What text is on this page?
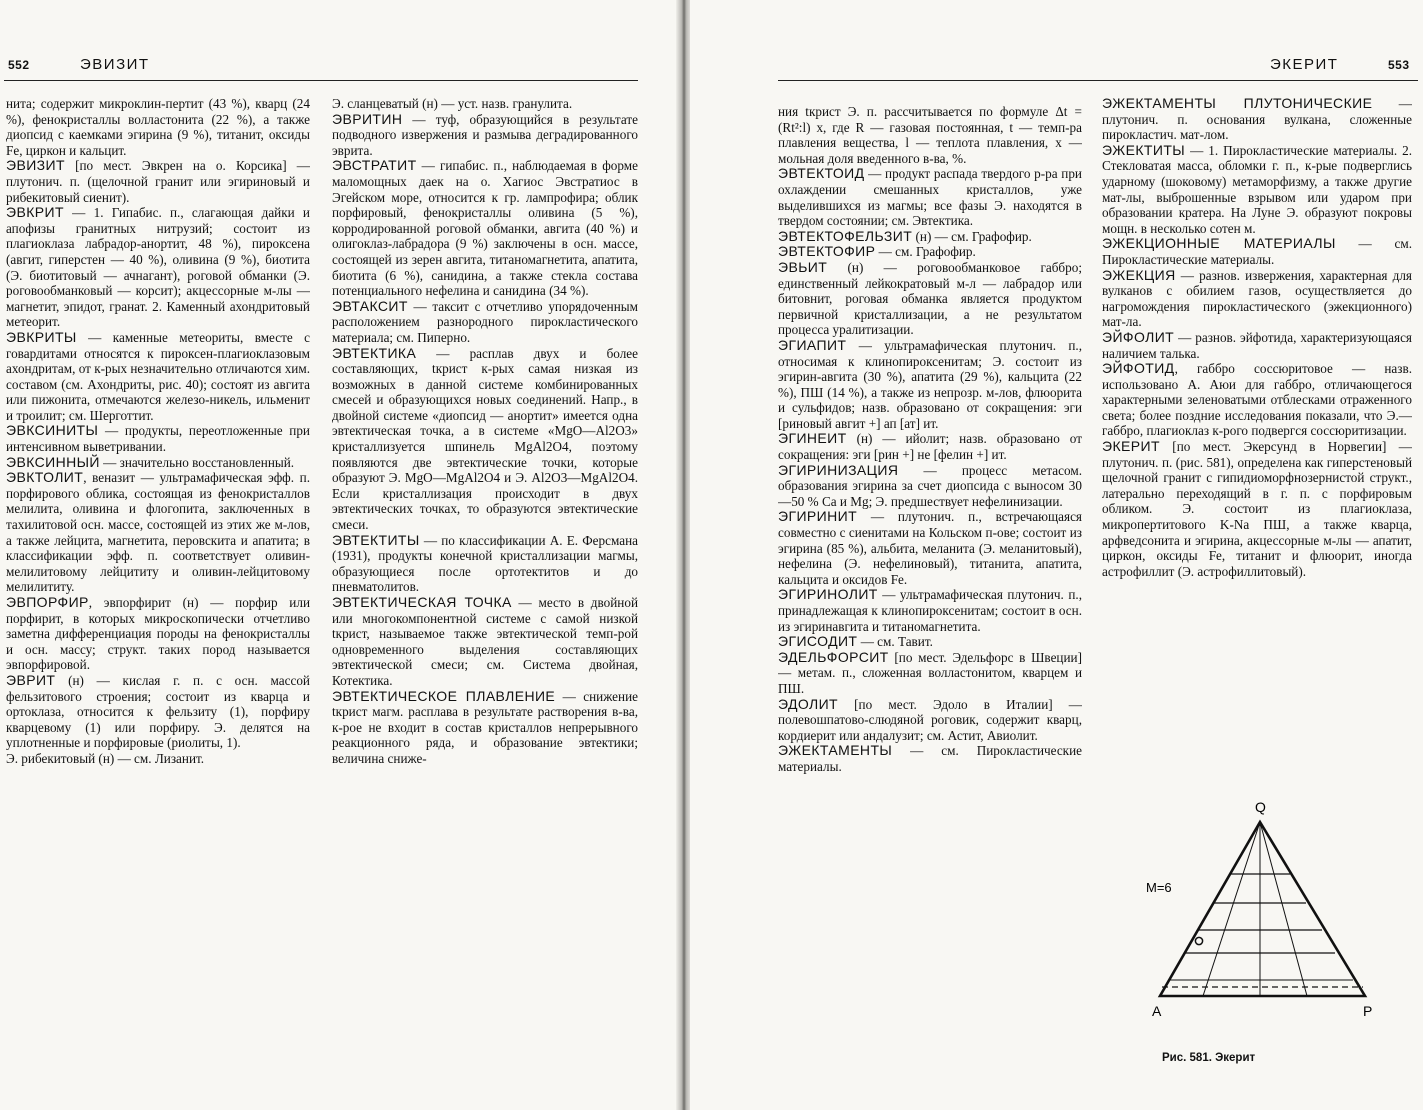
552	ЭВИЗИТ

нита; содержит микроклин-пертит (43 %), кварц (24 %), фенокристаллы волластонита (22 %), а также диопсид с каемками эгирина (9 %), титанит, оксиды Fe, циркон и кальцит.

ЭВИЗИТ [по мест. Эвкрен на о. Корсика] — плутонич. п. (щелочной гранит или эгириновый и рибекитовый сиенит).

ЭВКРИТ — 1. Гипабис. п., слагающая дайки и апофизы гранитных нитрузий; состоит из плагиоклаза лабрадор-анортит, 48 %), пироксена (авгит, гиперстен — 40 %), оливина (9 %), биотита (Э. биотитовый — ачнагант), роговой обманки (Э. роговообманковый — корсит); акцессорные м-лы — магнетит, эпидот, гранат. 2. Каменный ахондритовый метеорит.

ЭВКРИТЫ — каменные метеориты, вместе с говардитами относятся к пироксен-плагиоклазовым ахондритам, от к-рых незначительно отличаются хим. составом (см. Ахондриты, рис. 40); состоят из авгита или пижонита, отмечаются железо-никель, ильменит и троилит; см. Шерготтит.

ЭВКСИНИТЫ — продукты, переотложенные при интенсивном выветривании.

ЭВКСИННЫЙ — значительно восстановленный.

ЭВКТОЛИТ, веназит — ультрамафическая эфф. п. порфирового облика, состоящая из фенокристаллов мелилита, оливина и флогопита, заключенных в тахилитовой осн. массе, состоящей из этих же м-лов, а также лейцита, магнетита, перовскита и апатита; в классификации эфф. п. соответствует оливин-мелилитовому лейцититу и оливин-лейцитовому мелилититу.

ЭВПОРФИР, эвпорфирит (н) — порфир или порфирит, в которых микроскопически отчетливо заметна дифференциация породы на фенокристаллы и осн. массу; структ. таких пород называется эвпорфировой.

ЭВРИТ (н) — кислая г. п. с осн. массой фельзитового строения; состоит из кварца и ортоклаза, относится к фельзиту (1), порфиру кварцевому (1) или порфиру. Э. делятся на уплотненные и порфировые (риолиты, 1).

Э. рибекитовый (н) — см. Лизанит.

Э. сланцеватый (н) — уст. назв. гранулита.

ЭВРИТИН — туф, образующийся в результате подводного извержения и размыва деградированного эврита.

ЭВСТРАТИТ — гипабис. п., наблюдаемая в форме маломощных даек на о. Хагиос Эвстратиос в Эгейском море, относится к гр. лампрофира; облик порфировый, фенокристаллы оливина (5 %), корродированной роговой обманки, авгита (40 %) и олигоклаз-лабрадора (9 %) заключены в осн. массе, состоящей из зерен авгита, титаномагнетита, апатита, биотита (6 %), санидина, а также стекла состава потенциального нефелина и санидина (34 %).

ЭВТАКСИТ — таксит с отчетливо упорядоченным расположением разнородного пирокластического материала; см. Пиперно.

ЭВТЕКТИКА — расплав двух и более составляющих, tкрист к-рых самая низкая из возможных в данной системе комбинированных смесей и образующихся новых соединений. Напр., в двойной системе «диопсид — анортит» имеется одна эвтектическая точка, а в системе «MgO—Al2O3» кристаллизуется шпинель MgAl2O4, поэтому появляются две эвтектические точки, которые образуют Э. MgO—MgAl2O4 и Э. Al2O3—MgAl2O4. Если кристаллизация происходит в двух эвтектических точках, то образуются эвтектические смеси.

ЭВТЕКТИТЫ — по классификации А. Е. Ферсмана (1931), продукты конечной кристаллизации магмы, образующиеся после ортотектитов и до пневматолитов.

ЭВТЕКТИЧЕСКАЯ ТОЧКА — место в двойной или многокомпонентной системе с самой низкой tкрист, называемое также эвтектической темп-рой одновременного выделения составляющих эвтектической смеси; см. Система двойная, Котектика.

ЭВТЕКТИЧЕСКОЕ ПЛАВЛЕНИЕ — снижение tкрист магм. расплава в результате растворения в-ва, к-рое не входит в состав кристаллов непрерывного реакционного ряда, и образование эвтектики; величина сниже-

ЭКЕРИТ	553

ния tкрист Э. п. рассчитывается по формуле Δt = (Rt²:l) x, где R — газовая постоянная, t — темп-ра плавления вещества, l — теплота плавления, x — мольная доля введенного в-ва, %.

ЭВТЕКТОИД — продукт распада твердого р-ра при охлаждении смешанных кристаллов, уже выделившихся из магмы; все фазы Э. находятся в твердом состоянии; см. Эвтектика.

ЭВТЕКТОФЕЛЬЗИТ (н) — см. Графофир.

ЭВТЕКТОФИР — см. Графофир.

ЭВЬИТ (н) — роговообманковое габбро; единственный лейкократовый м-л — лабрадор или битовнит, роговая обманка является продуктом первичной кристаллизации, а не результатом процесса уралитизации.

ЭГИАПИТ — ультрамафическая плутонич. п., относимая к клинопироксенитам; Э. состоит из эгирин-авгита (30 %), апатита (29 %), кальцита (22 %), ПШ (14 %), а также из непрозр. м-лов, флюорита и сульфидов; назв. образовано от сокращения: эги [риновый авгит +] ап [ат] ит.

ЭГИНЕИТ (н) — ийолит; назв. образовано от сокращения: эги [рин +] не [фелин +] ит.

ЭГИРИНИЗАЦИЯ — процесс метасом. образования эгирина за счет диопсида с выносом 30—50 % Ca и Mg; Э. предшествует нефелинизации.

ЭГИРИНИТ — плутонич. п., встречающаяся совместно с сиенитами на Кольском п-ове; состоит из эгирина (85 %), альбита, меланита (Э. меланитовый), нефелина (Э. нефелиновый), титанита, апатита, кальцита и оксидов Fe.

ЭГИРИНОЛИТ — ультрамафическая плутонич. п., принадлежащая к клинопироксенитам; состоит в осн. из эгиринавгита и титаномагнетита.

ЭГИСОДИТ — см. Тавит.

ЭДЕЛЬФОРСИТ [по мест. Эдельфорс в Швеции] — метам. п., сложенная волластонитом, кварцем и ПШ.

ЭДОЛИТ [по мест. Эдоло в Италии] — полевошпатово-слюдяной роговик, содержит кварц, кордиерит или андалузит; см. Астит, Авиолит.

ЭЖЕКТАМЕНТЫ — см. Пирокластические материалы.

ЭЖЕКТАМЕНТЫ ПЛУТОНИЧЕСКИЕ — плутонич. п. основания вулкана, сложенные пирокластич. мат-лом.

ЭЖЕКТИТЫ — 1. Пирокластические материалы. 2. Стекловатая масса, обломки г. п., к-рые подверглись ударному (шоковому) метаморфизму, а также другие мат-лы, выброшенные взрывом или ударом при образовании кратера. На Луне Э. образуют покровы мощн. в несколько сотен м.

ЭЖЕКЦИОННЫЕ МАТЕРИАЛЫ — см. Пирокластические материалы.

ЭЖЕКЦИЯ — разнов. извержения, характерная для вулканов с обилием газов, осуществляется до нагромождения пирокластического (эжекционного) мат-ла.

ЭЙФОЛИТ — разнов. эйфотида, характеризующаяся наличием талька.

ЭЙФОТИД, габбро соссюритовое — назв. использовано А. Аюи для габбро, отличающегося характерными зеленоватыми отблесками отраженного света; более поздние исследования показали, что Э.— габбро, плагиоклаз к-рого подвергся соссюритизации.

ЭКЕРИТ [по мест. Экерсунд в Норвегии] — плутонич. п. (рис. 581), определена как гиперстеновый щелочной гранит с гипидиоморфнозернистой структ., латерально переходящий в г. п. с порфировым обликом. Э. состоит из плагиоклаза, микропертитового K-Na ПШ, а также кварца, арфведсонита и эгирина, акцессорные м-лы — апатит, циркон, оксиды Fe, титанит и флюорит, иногда астрофиллит (Э. астрофиллитовый).

Q
M=6
A	P
Рис. 581. Экерит
